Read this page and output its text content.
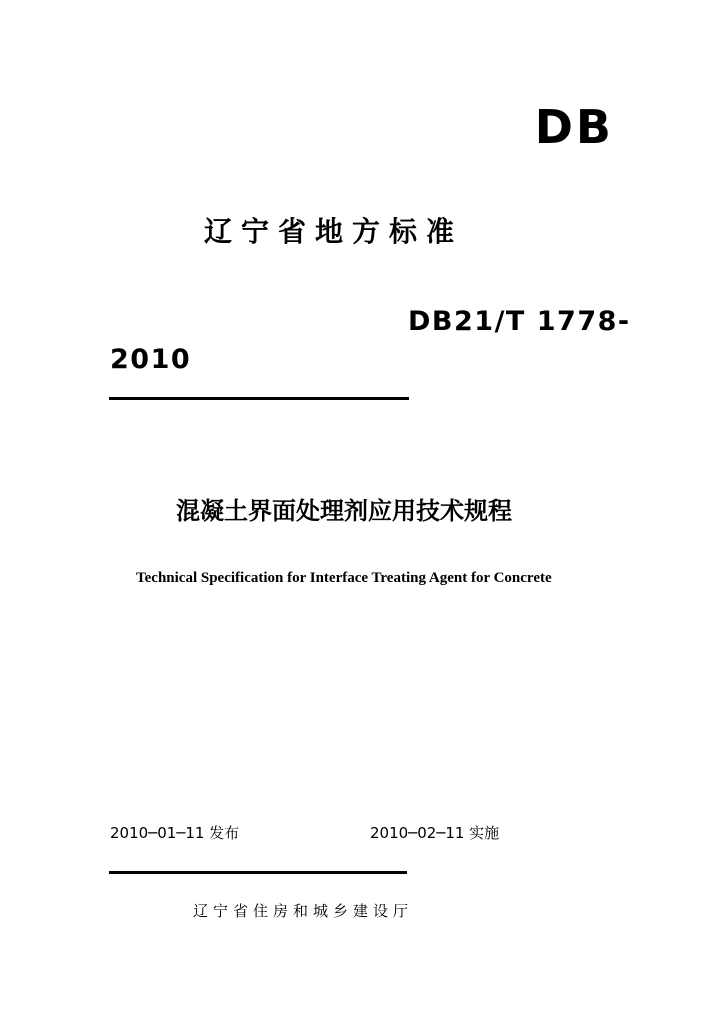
DB
辽宁省地方标准
DB21/T 1778-
2010
混凝土界面处理剂应用技术规程
Technical Specification for Interface Treating Agent for Concrete
2010─01─11 发布	2010─02─11 实施
辽宁省住房和城乡建设厅
